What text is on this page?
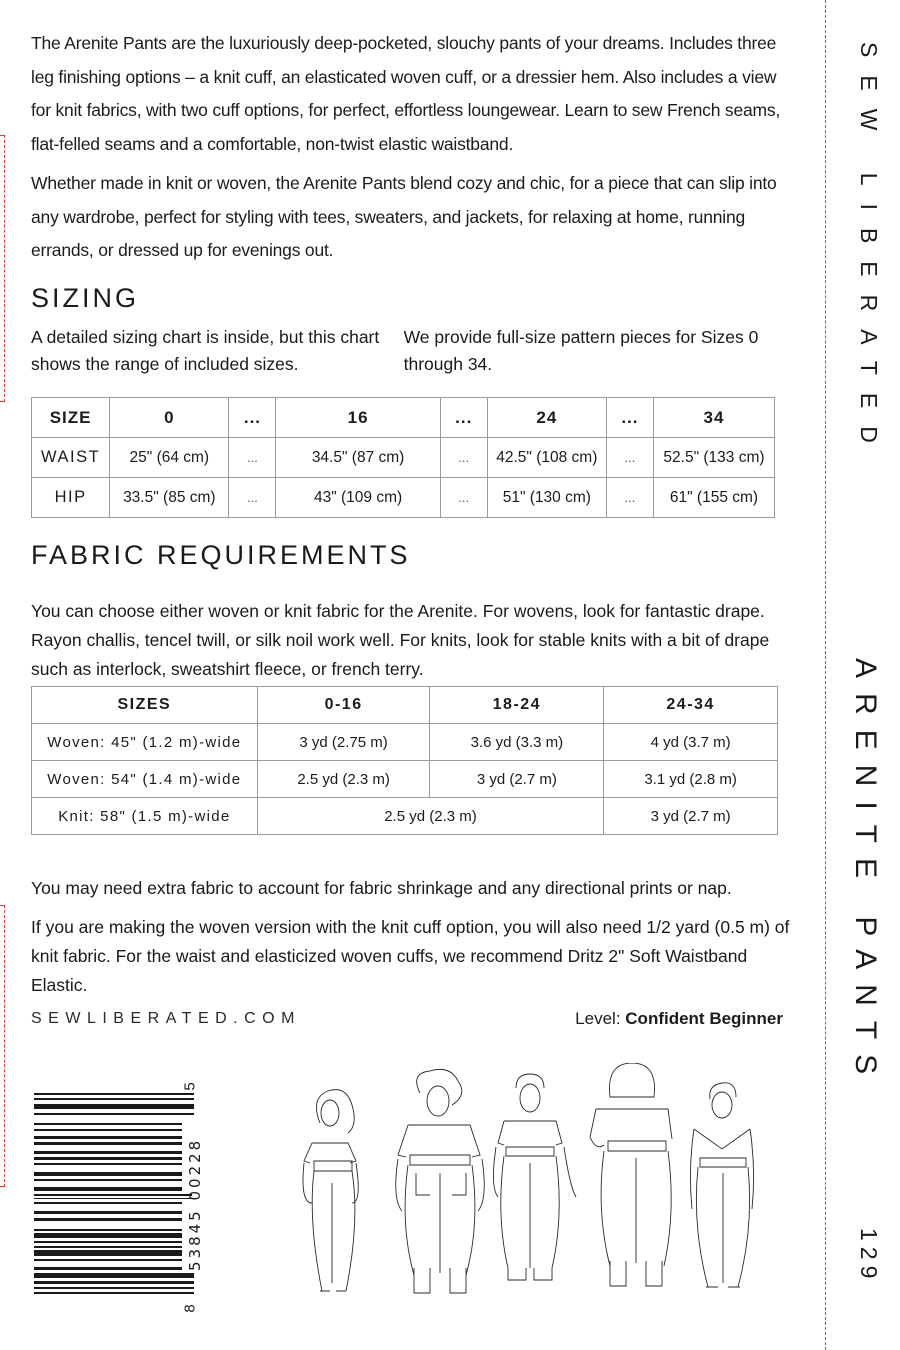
The Arenite Pants are the luxuriously deep-pocketed, slouchy pants of your dreams. Includes three leg finishing options – a knit cuff, an elasticated woven cuff, or a dressier hem. Also includes a view for knit fabrics, with two cuff options, for perfect, effortless loungewear. Learn to sew French seams, flat-felled seams and a comfortable, non-twist elastic waistband.

Whether made in knit or woven, the Arenite Pants blend cozy and chic, for a piece that can slip into any wardrobe, perfect for styling with tees, sweaters, and jackets, for relaxing at home, running errands, or dressed up for evenings out.

SIZING
A detailed sizing chart is inside, but this chart shows the range of included sizes.
We provide full-size pattern pieces for Sizes 0 through 34.
SIZE	0	...	16	...	24	...	34
WAIST	25" (64 cm)	...	34.5" (87 cm)	...	42.5" (108 cm)	...	52.5" (133 cm)
HIP	33.5" (85 cm)	...	43" (109 cm)	...	51" (130 cm)	...	61" (155 cm)
FABRIC REQUIREMENTS

You can choose either woven or knit fabric for the Arenite. For wovens, look for fantastic drape. Rayon challis, tencel twill, or silk noil work well. For knits, look for stable knits with a bit of drape such as interlock, sweatshirt fleece, or french terry.

SIZES	0-16	18-24	24-34
Woven: 45" (1.2 m)-wide	3 yd (2.75 m)	3.6 yd (3.3 m)	4 yd (3.7 m)
Woven: 54" (1.4 m)-wide	2.5 yd (2.3 m)	3 yd (2.7 m)	3.1 yd (2.8 m)
Knit: 58" (1.5 m)-wide	2.5 yd (2.3 m)		3 yd (2.7 m)

You may need extra fabric to account for fabric shrinkage and any directional prints or nap.

If you are making the woven version with the knit cuff option, you will also need 1/2 yard (0.5 m) of knit fabric. For the waist and elasticized woven cuffs, we recommend Dritz 2" Soft Waistband Elastic.

SEWLIBERATED.COM	Level: Confident Beginner
SEW LIBERATED
ARENITE PANTS
129
53845 00228
8
5
